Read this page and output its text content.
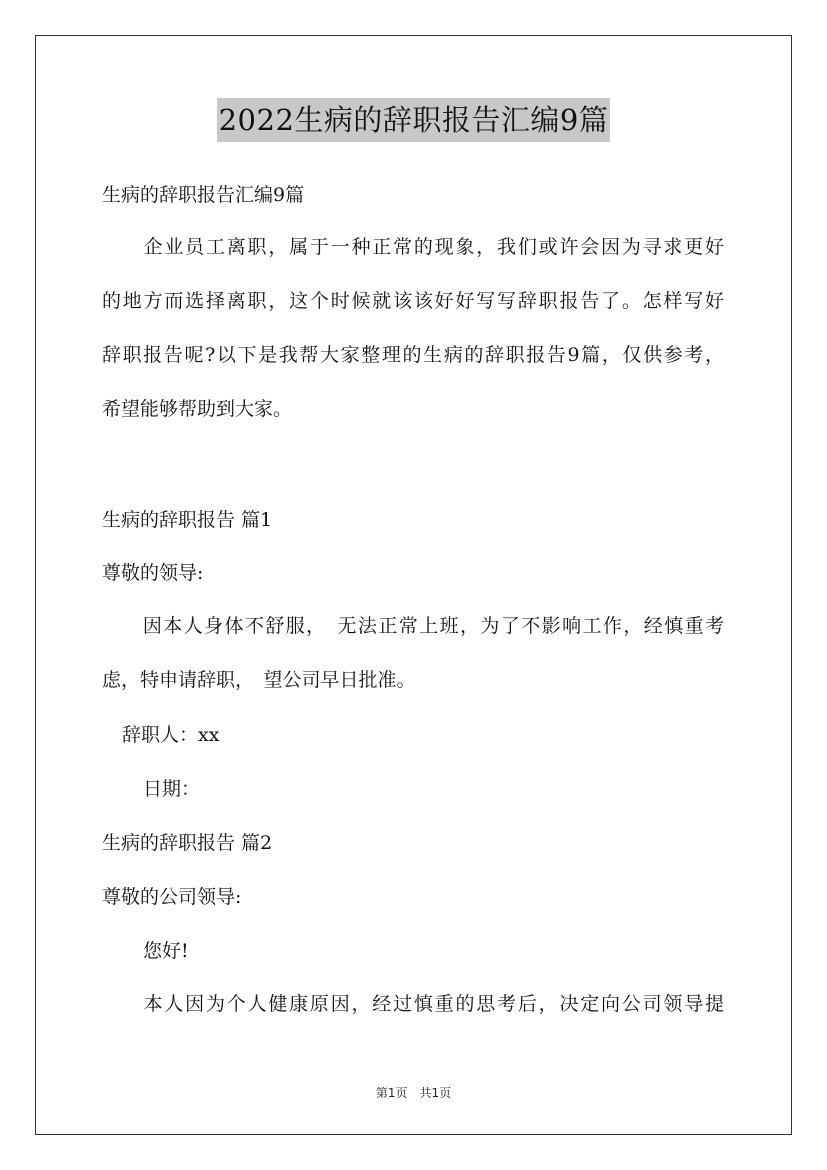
2022生病的辞职报告汇编9篇
生病的辞职报告汇编9篇
　　企业员工离职，属于一种正常的现象，我们或许会因为寻求更好
的地方而选择离职，这个时候就该该好好写写辞职报告了。怎样写好
辞职报告呢?以下是我帮大家整理的生病的辞职报告9篇，仅供参考，
希望能够帮助到大家。
生病的辞职报告 篇1
尊敬的领导:
　　因本人身体不舒服，　无法正常上班，为了不影响工作，经慎重考
虑，特申请辞职，　望公司早日批准。
辞职人：xx
日期：
生病的辞职报告 篇2
尊敬的公司领导:
您好!
　　本人因为个人健康原因，经过慎重的思考后，决定向公司领导提
第1页　共1页
